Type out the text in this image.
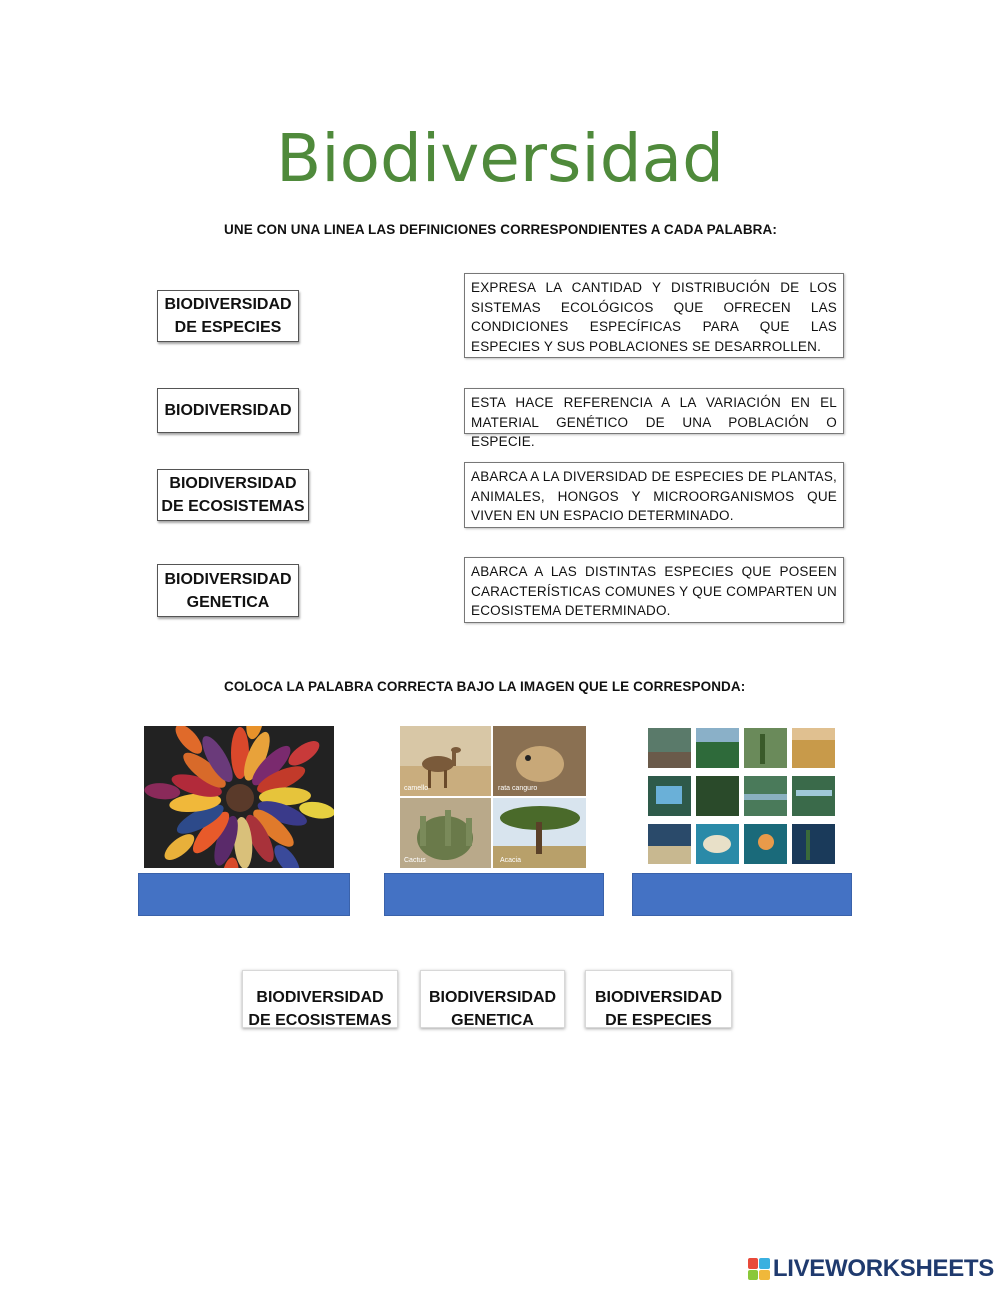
Biodiversidad
UNE CON UNA LINEA LAS DEFINICIONES CORRESPONDIENTES A CADA PALABRA:
BIODIVERSIDAD
DE ESPECIES
BIODIVERSIDAD
BIODIVERSIDAD
DE ECOSISTEMAS
BIODIVERSIDAD
GENETICA
EXPRESA LA CANTIDAD Y DISTRIBUCIÓN DE LOS SISTEMAS ECOLÓGICOS QUE OFRECEN LAS CONDICIONES ESPECÍFICAS PARA QUE LAS ESPECIES Y SUS POBLACIONES SE DESARROLLEN.
ESTA HACE REFERENCIA A LA VARIACIÓN EN EL MATERIAL GENÉTICO DE UNA POBLACIÓN O ESPECIE.
ABARCA A LA DIVERSIDAD DE ESPECIES DE PLANTAS, ANIMALES, HONGOS Y MICROORGANISMOS QUE VIVEN EN UN ESPACIO DETERMINADO.
ABARCA A LAS DISTINTAS ESPECIES QUE POSEEN CARACTERÍSTICAS COMUNES Y QUE COMPARTEN UN ECOSISTEMA DETERMINADO.
COLOCA LA PALABRA CORRECTA BAJO LA IMAGEN QUE LE CORRESPONDA:
camello	rata canguro
Cactus	Acacia
BIODIVERSIDAD
DE ECOSISTEMAS
BIODIVERSIDAD
GENETICA
BIODIVERSIDAD
DE ESPECIES
LIVEWORKSHEETS
